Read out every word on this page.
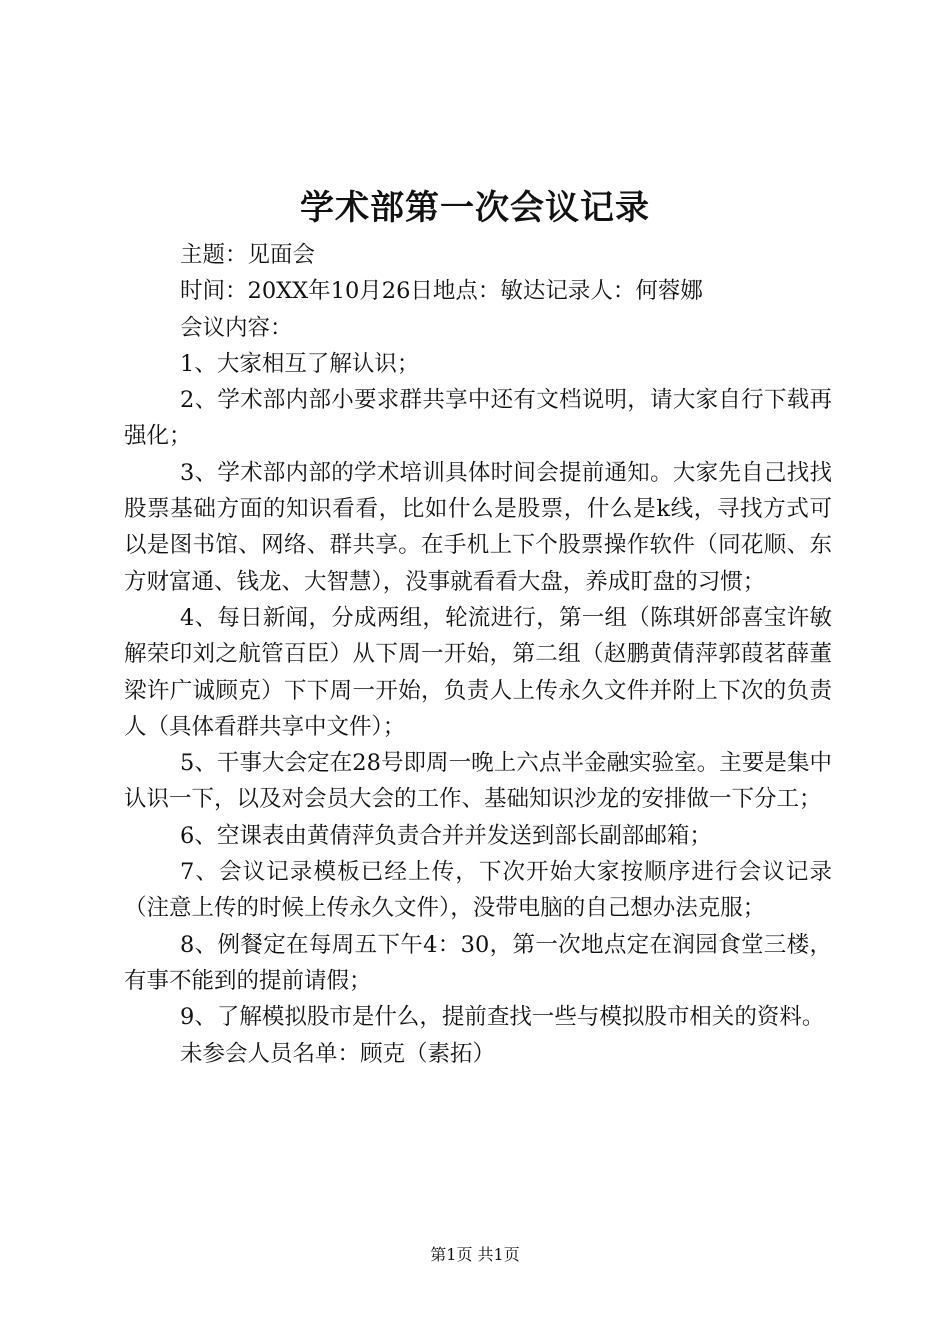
学术部第一次会议记录

主题：见面会

时间：20XX年10月26日地点：敏达记录人：何蓉娜

会议内容：

1、大家相互了解认识；

2、学术部内部小要求群共享中还有文档说明，请大家自行下载再强化；

3、学术部内部的学术培训具体时间会提前通知。大家先自己找找股票基础方面的知识看看，比如什么是股票，什么是k线，寻找方式可以是图书馆、网络、群共享。在手机上下个股票操作软件（同花顺、东方财富通、钱龙、大智慧），没事就看看大盘，养成盯盘的习惯；

4、每日新闻，分成两组，轮流进行，第一组（陈琪妍郃喜宝许敏解荣印刘之航管百臣）从下周一开始，第二组（赵鹏黄倩萍郭葭茗薛董梁许广诚顾克）下下周一开始，负责人上传永久文件并附上下次的负责人（具体看群共享中文件）；

5、干事大会定在28号即周一晚上六点半金融实验室。主要是集中认识一下，以及对会员大会的工作、基础知识沙龙的安排做一下分工；

6、空课表由黄倩萍负责合并并发送到部长副部邮箱；

7、会议记录模板已经上传，下次开始大家按顺序进行会议记录（注意上传的时候上传永久文件），没带电脑的自己想办法克服；

8、例餐定在每周五下午4：30，第一次地点定在润园食堂三楼，有事不能到的提前请假；

9、了解模拟股市是什么，提前查找一些与模拟股市相关的资料。

未参会人员名单：顾克（素拓）

第1页 共1页
